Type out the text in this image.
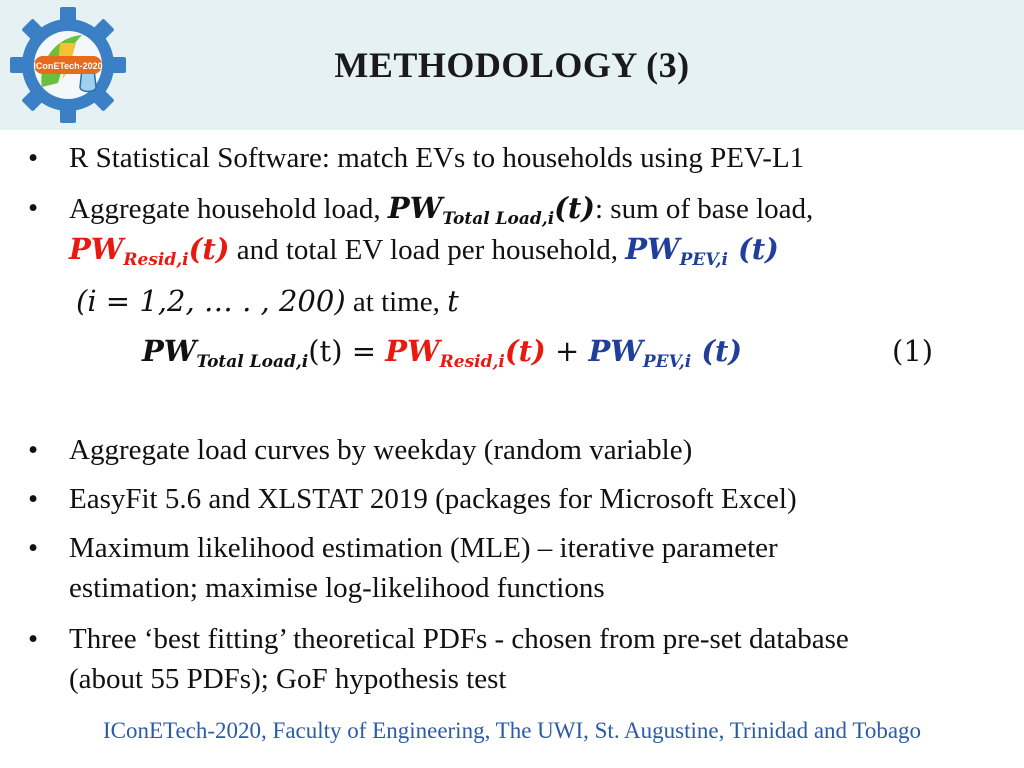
IConETech-2020	METHODOLOGY (3)
• R Statistical Software: match EVs to households using PEV-L1
• Aggregate household load, $PW_{Total Load,i}(t)$: sum of base load,
$PW_{Resid,i}(t)$ and total EV load per household, $PW_{PEV,i}$ (t)
(i = 1,2, … . , 200) at time, t
$PW_{Total Load,i}(t) = PW_{Resid,i}(t) + PW_{PEV,i}$ (t)	(1)
• Aggregate load curves by weekday (random variable)
• EasyFit 5.6 and XLSTAT 2019 (packages for Microsoft Excel)
• Maximum likelihood estimation (MLE) – iterative parameter
estimation; maximise log-likelihood functions
• Three ‘best fitting’ theoretical PDFs - chosen from pre-set database
(about 55 PDFs); GoF hypothesis test
IConETech-2020, Faculty of Engineering, The UWI, St. Augustine, Trinidad and Tobago
